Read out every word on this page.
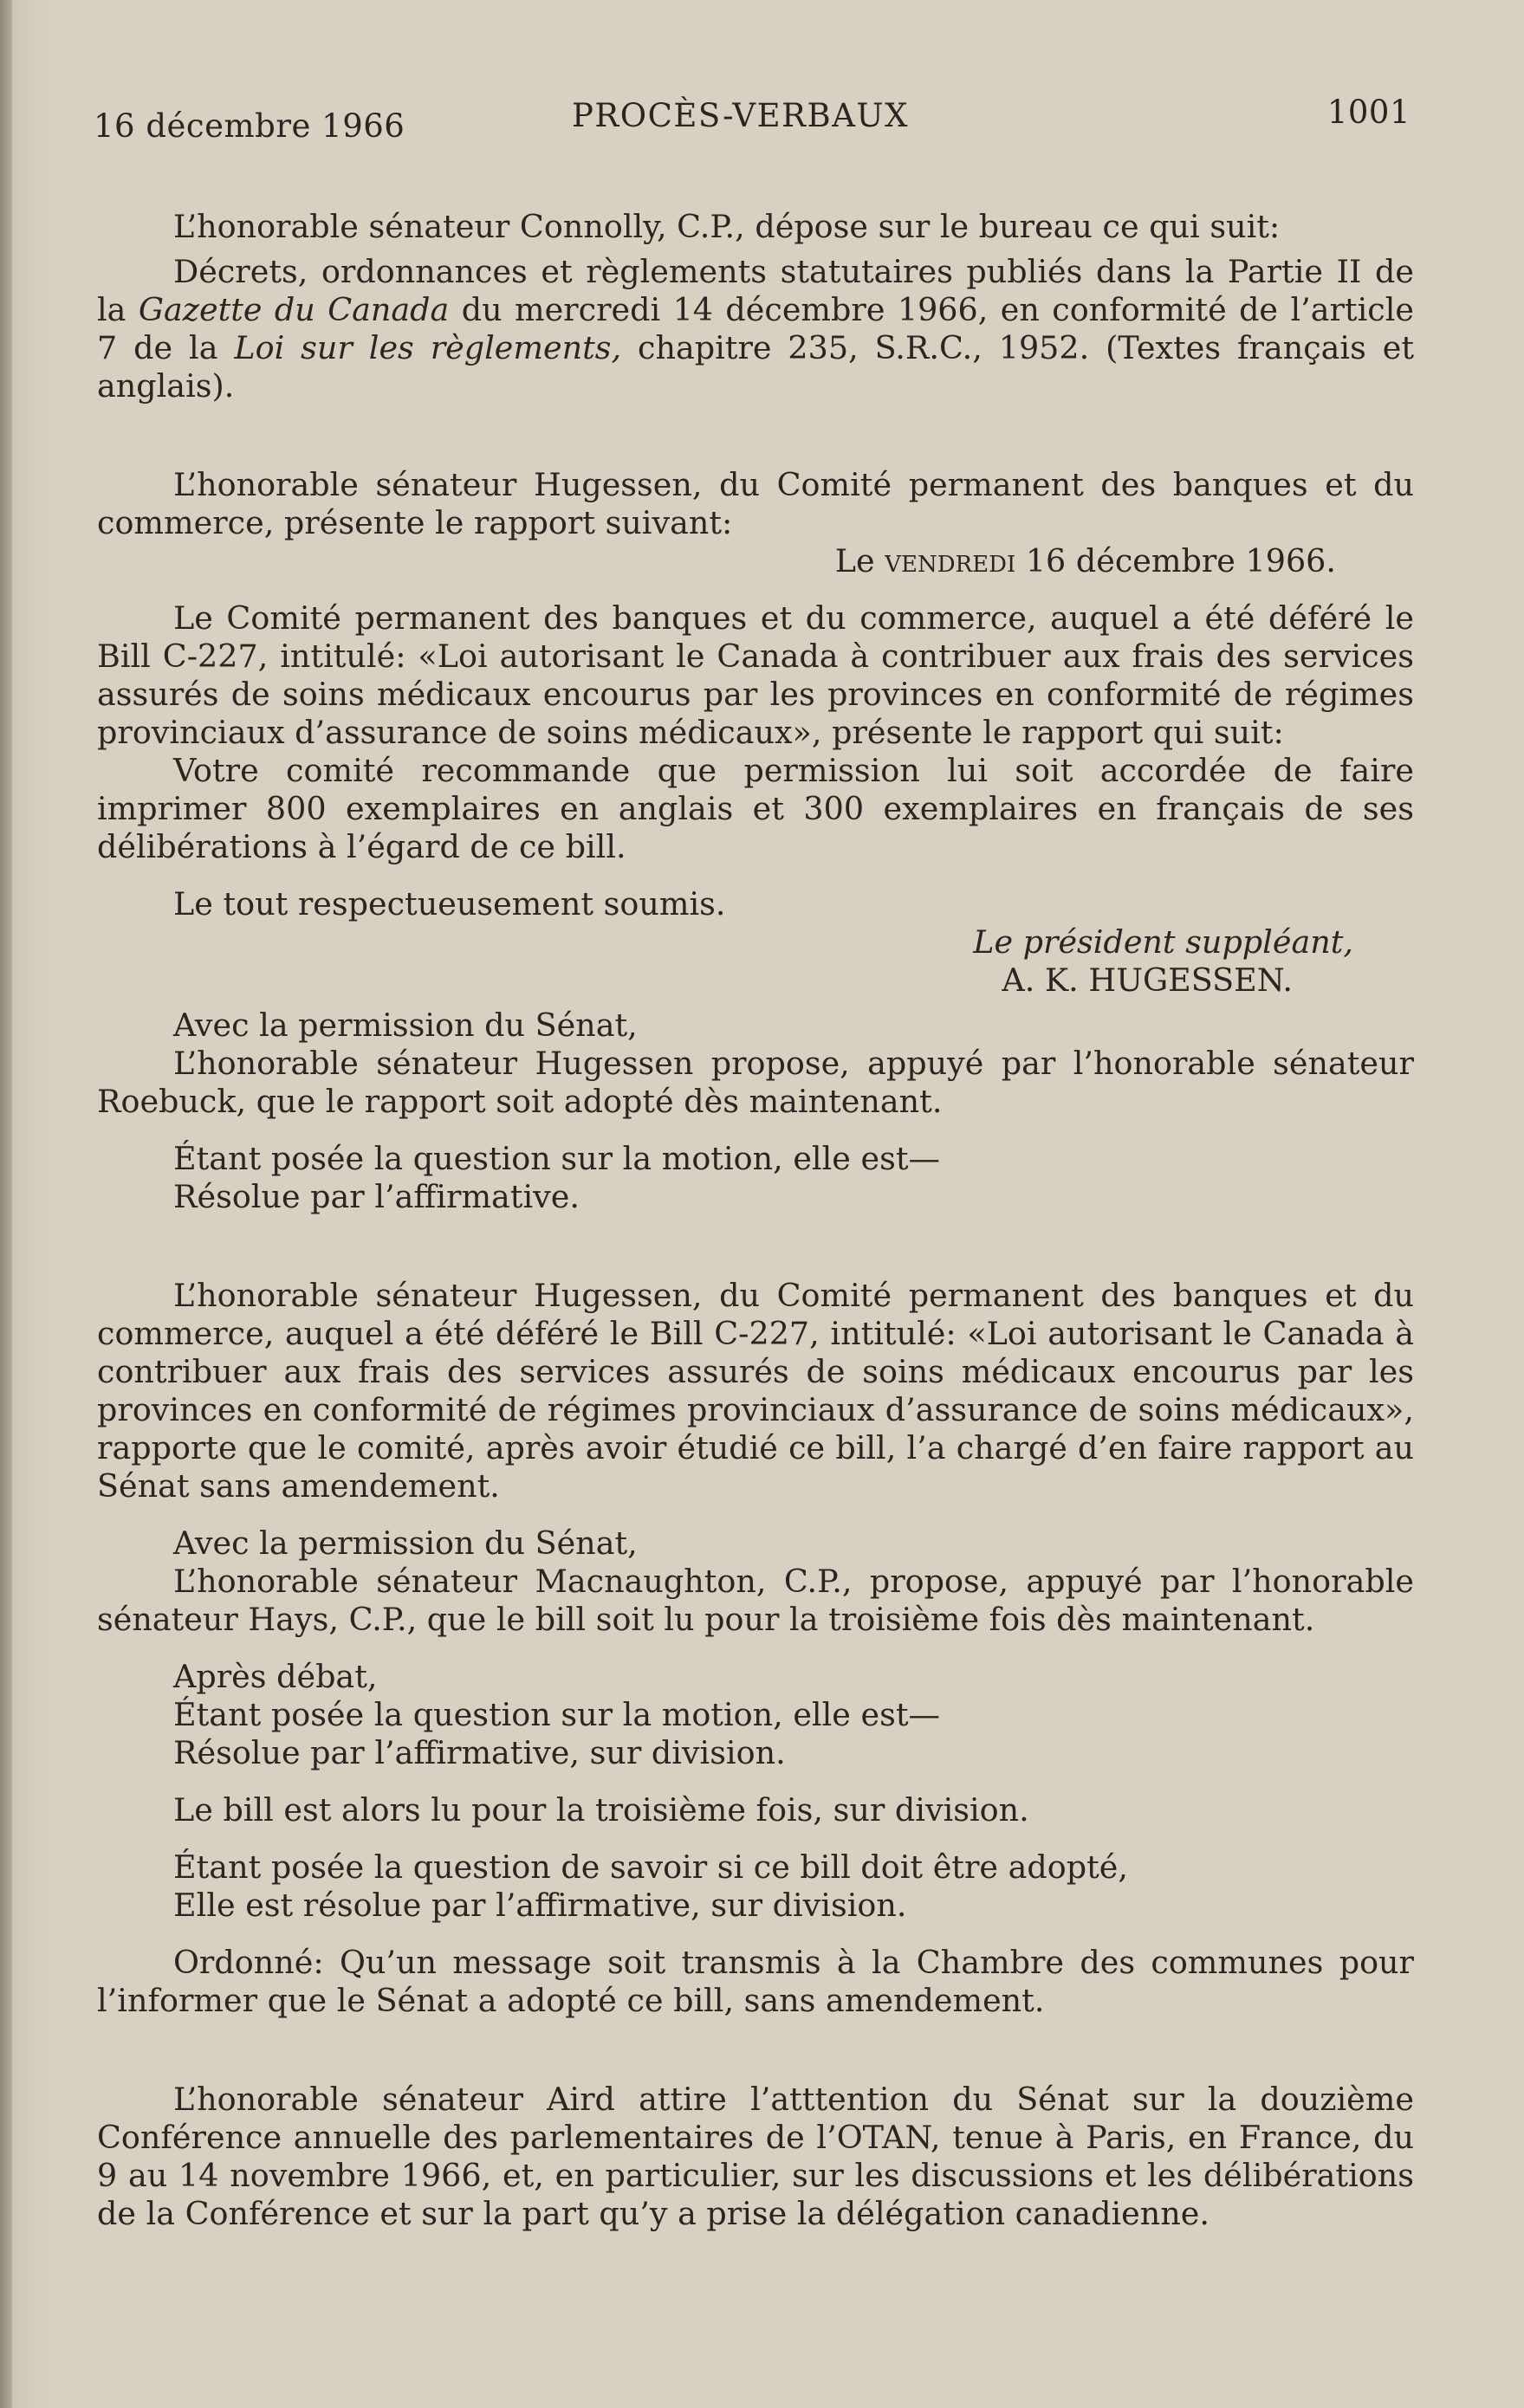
16 décembre 1966	PROCÈS-VERBAUX	1001

L’honorable sénateur Connolly, C.P., dépose sur le bureau ce qui suit:

Décrets, ordonnances et règlements statutaires publiés dans la Partie II de la Gazette du Canada du mercredi 14 décembre 1966, en conformité de l’article 7 de la Loi sur les règlements, chapitre 235, S.R.C., 1952. (Textes français et anglais).

L’honorable sénateur Hugessen, du Comité permanent des banques et du commerce, présente le rapport suivant:

Le vendredi 16 décembre 1966.

Le Comité permanent des banques et du commerce, auquel a été déféré le Bill C-227, intitulé: «Loi autorisant le Canada à contribuer aux frais des services assurés de soins médicaux encourus par les provinces en conformité de régimes provinciaux d’assurance de soins médicaux», présente le rapport qui suit:

Votre comité recommande que permission lui soit accordée de faire imprimer 800 exemplaires en anglais et 300 exemplaires en français de ses délibérations à l’égard de ce bill.

Le tout respectueusement soumis.

Le président suppléant,

A. K. HUGESSEN.

Avec la permission du Sénat,

L’honorable sénateur Hugessen propose, appuyé par l’honorable sénateur Roebuck, que le rapport soit adopté dès maintenant.

Étant posée la question sur la motion, elle est—

Résolue par l’affirmative.

L’honorable sénateur Hugessen, du Comité permanent des banques et du commerce, auquel a été déféré le Bill C-227, intitulé: «Loi autorisant le Canada à contribuer aux frais des services assurés de soins médicaux encourus par les provinces en conformité de régimes provinciaux d’assurance de soins médicaux», rapporte que le comité, après avoir étudié ce bill, l’a chargé d’en faire rapport au Sénat sans amendement.

Avec la permission du Sénat,

L’honorable sénateur Macnaughton, C.P., propose, appuyé par l’honorable sénateur Hays, C.P., que le bill soit lu pour la troisième fois dès maintenant.

Après débat,

Étant posée la question sur la motion, elle est—

Résolue par l’affirmative, sur division.

Le bill est alors lu pour la troisième fois, sur division.

Étant posée la question de savoir si ce bill doit être adopté,

Elle est résolue par l’affirmative, sur division.

Ordonné: Qu’un message soit transmis à la Chambre des communes pour l’informer que le Sénat a adopté ce bill, sans amendement.

L’honorable sénateur Aird attire l’atttention du Sénat sur la douzième Conférence annuelle des parlementaires de l’OTAN, tenue à Paris, en France, du 9 au 14 novembre 1966, et, en particulier, sur les discussions et les délibérations de la Conférence et sur la part qu’y a prise la délégation canadienne.
